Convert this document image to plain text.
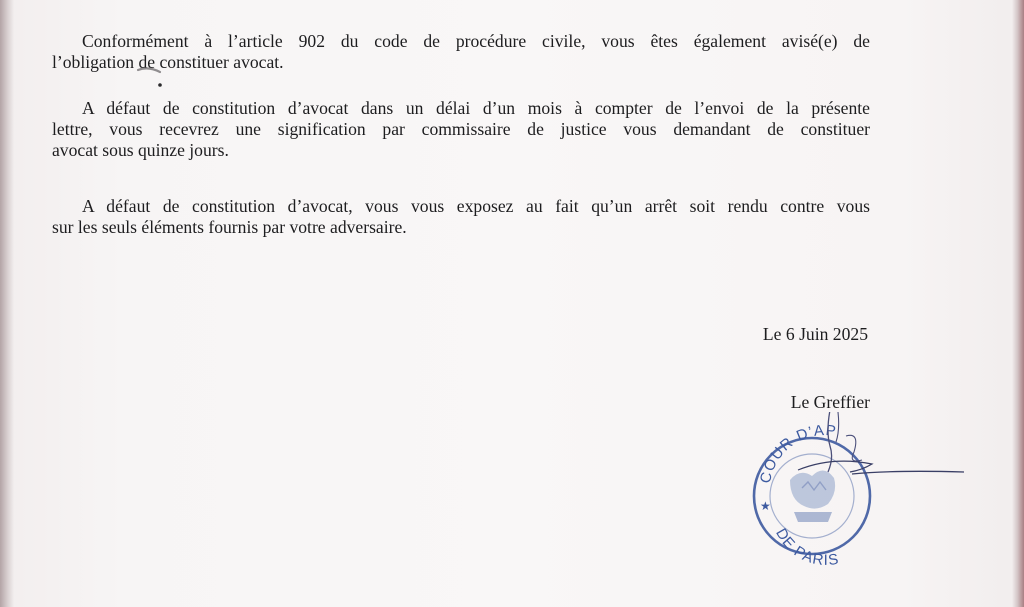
Conformément à l’article 902 du code de procédure civile, vous êtes également avisé(e) de
l’obligation de constituer avocat.

A défaut de constitution d’avocat dans un délai d’un mois à compter de l’envoi de la présente
lettre, vous recevrez une signification par commissaire de justice vous demandant de constituer
avocat sous quinze jours.

A défaut de constitution d’avocat, vous vous exposez au fait qu’un arrêt soit rendu contre vous
sur les seuls éléments fournis par votre adversaire.

Le 6 Juin 2025
Le Greffier
★
COUR D’AP
DE PARIS
